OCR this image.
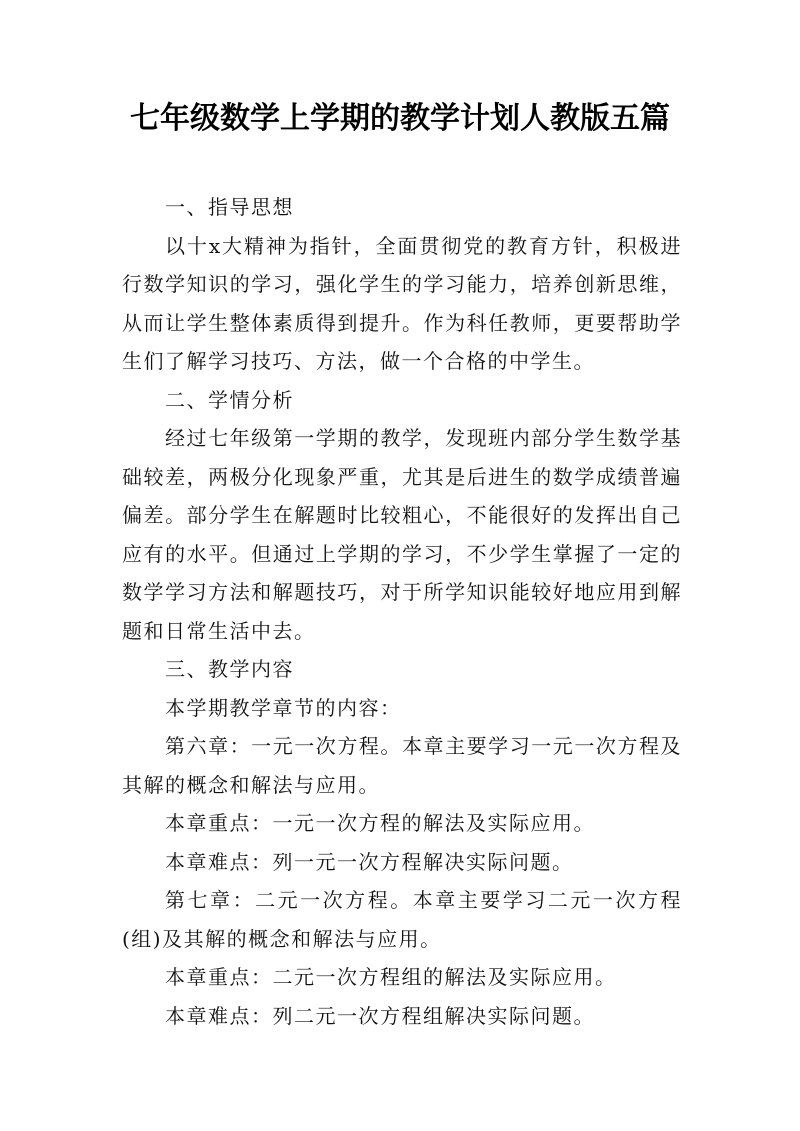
七年级数学上学期的教学计划人教版五篇

一、指导思想

以十x大精神为指针，全面贯彻党的教育方针，积极进行数学知识的学习，强化学生的学习能力，培养创新思维，从而让学生整体素质得到提升。作为科任教师，更要帮助学生们了解学习技巧、方法，做一个合格的中学生。

二、学情分析

经过七年级第一学期的教学，发现班内部分学生数学基础较差，两极分化现象严重，尤其是后进生的数学成绩普遍偏差。部分学生在解题时比较粗心，不能很好的发挥出自己应有的水平。但通过上学期的学习，不少学生掌握了一定的数学学习方法和解题技巧，对于所学知识能较好地应用到解题和日常生活中去。

三、教学内容

本学期教学章节的内容：

第六章：一元一次方程。本章主要学习一元一次方程及其解的概念和解法与应用。

本章重点：一元一次方程的解法及实际应用。

本章难点：列一元一次方程解决实际问题。

第七章：二元一次方程。本章主要学习二元一次方程(组)及其解的概念和解法与应用。

本章重点：二元一次方程组的解法及实际应用。

本章难点：列二元一次方程组解决实际问题。
